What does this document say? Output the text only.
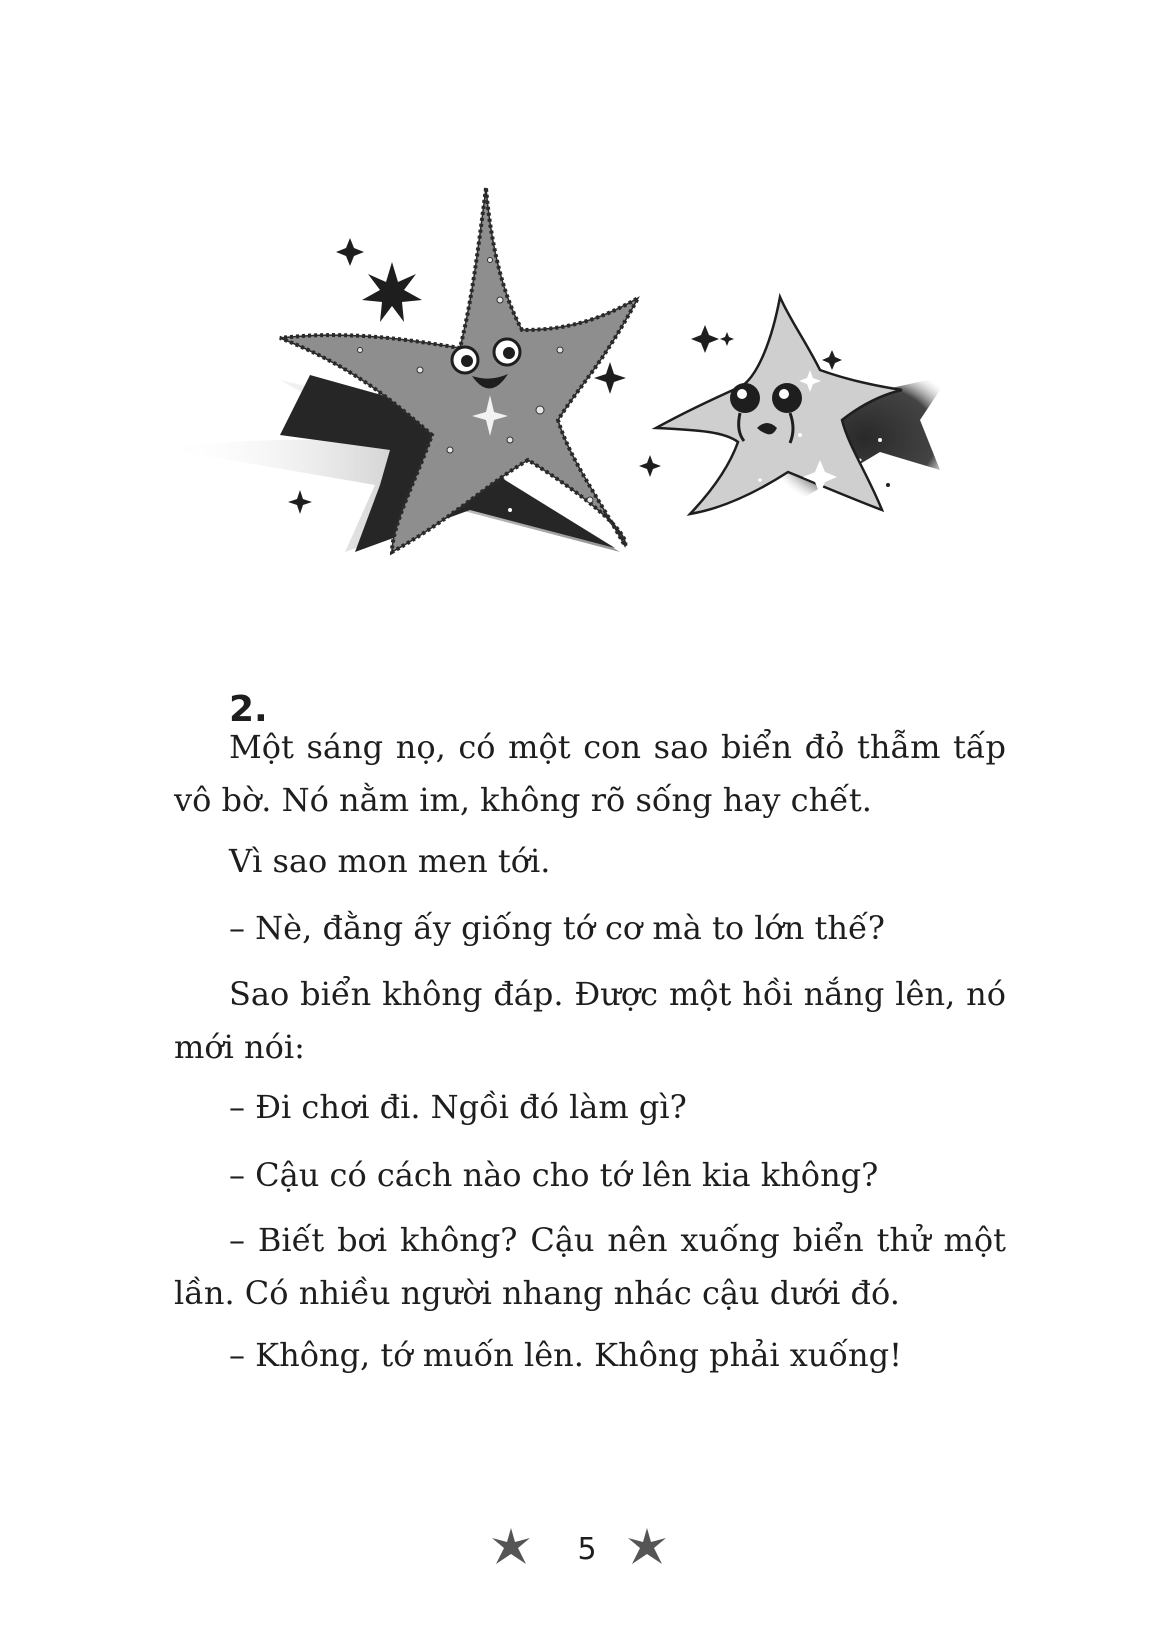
2.

Một sáng nọ, có một con sao biển đỏ thẫm tấp vô bờ. Nó nằm im, không rõ sống hay chết.

Vì sao mon men tới.

– Nè, đằng ấy giống tớ cơ mà to lớn thế?

Sao biển không đáp. Được một hồi nắng lên, nó mới nói:

– Đi chơi đi. Ngồi đó làm gì?

– Cậu có cách nào cho tớ lên kia không?

– Biết bơi không? Cậu nên xuống biển thử một lần. Có nhiều người nhang nhác cậu dưới đó.

– Không, tớ muốn lên. Không phải xuống!

5
